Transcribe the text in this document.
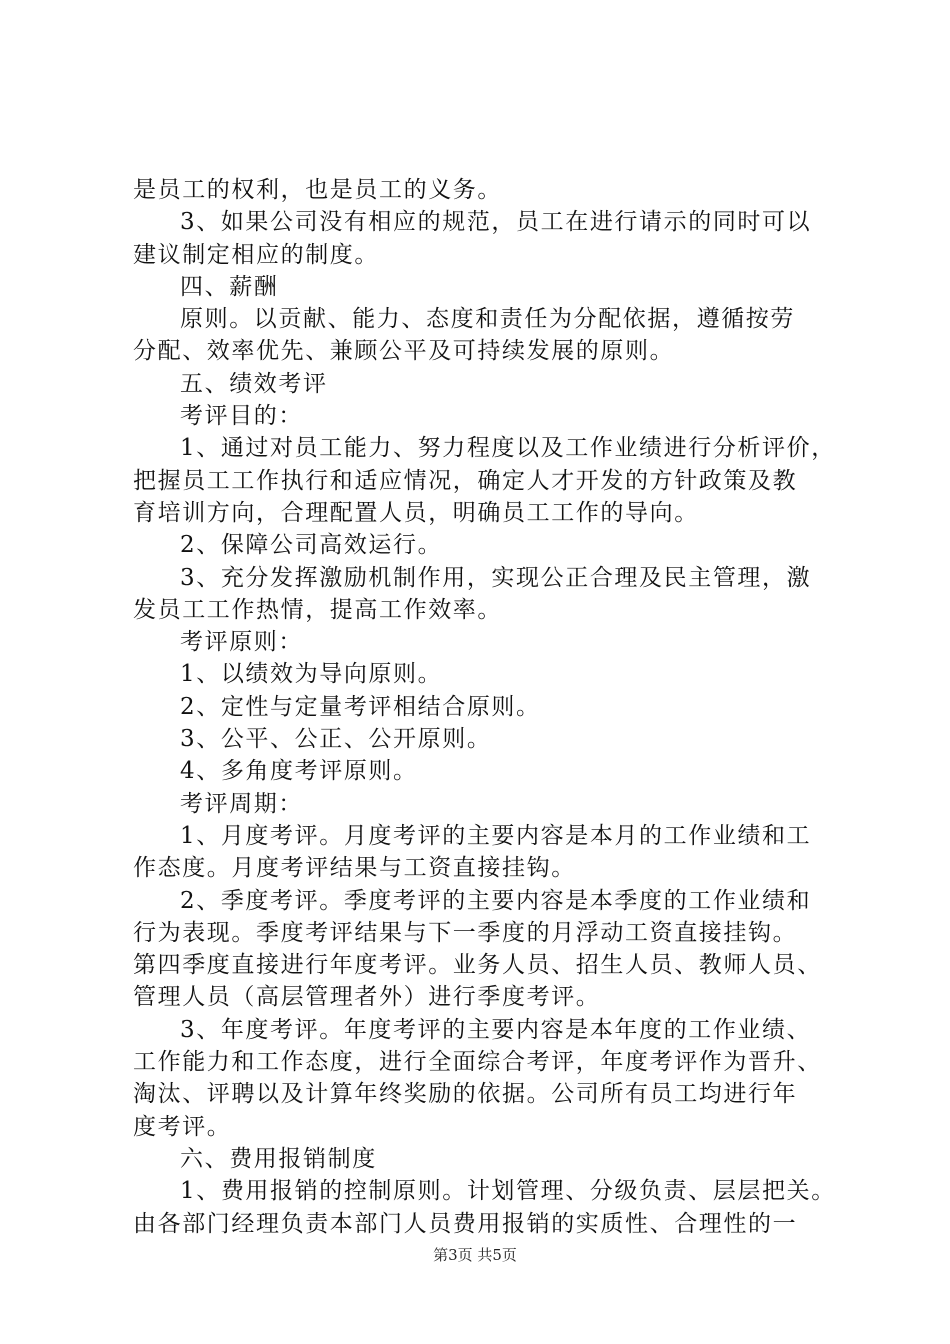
是员工的权利，也是员工的义务。
3、如果公司没有相应的规范，员工在进行请示的同时可以
建议制定相应的制度。
四、薪酬
原则。以贡献、能力、态度和责任为分配依据，遵循按劳
分配、效率优先、兼顾公平及可持续发展的原则。
五、绩效考评
考评目的：
1、通过对员工能力、努力程度以及工作业绩进行分析评价，
把握员工工作执行和适应情况，确定人才开发的方针政策及教
育培训方向，合理配置人员，明确员工工作的导向。
2、保障公司高效运行。
3、充分发挥激励机制作用，实现公正合理及民主管理，激
发员工工作热情，提高工作效率。
考评原则：
1、以绩效为导向原则。
2、定性与定量考评相结合原则。
3、公平、公正、公开原则。
4、多角度考评原则。
考评周期：
1、月度考评。月度考评的主要内容是本月的工作业绩和工
作态度。月度考评结果与工资直接挂钩。
2、季度考评。季度考评的主要内容是本季度的工作业绩和
行为表现。季度考评结果与下一季度的月浮动工资直接挂钩。
第四季度直接进行年度考评。业务人员、招生人员、教师人员、
管理人员（高层管理者外）进行季度考评。
3、年度考评。年度考评的主要内容是本年度的工作业绩、
工作能力和工作态度，进行全面综合考评，年度考评作为晋升、
淘汰、评聘以及计算年终奖励的依据。公司所有员工均进行年
度考评。
六、费用报销制度
1、费用报销的控制原则。计划管理、分级负责、层层把关。
由各部门经理负责本部门人员费用报销的实质性、合理性的一
第3页 共5页
